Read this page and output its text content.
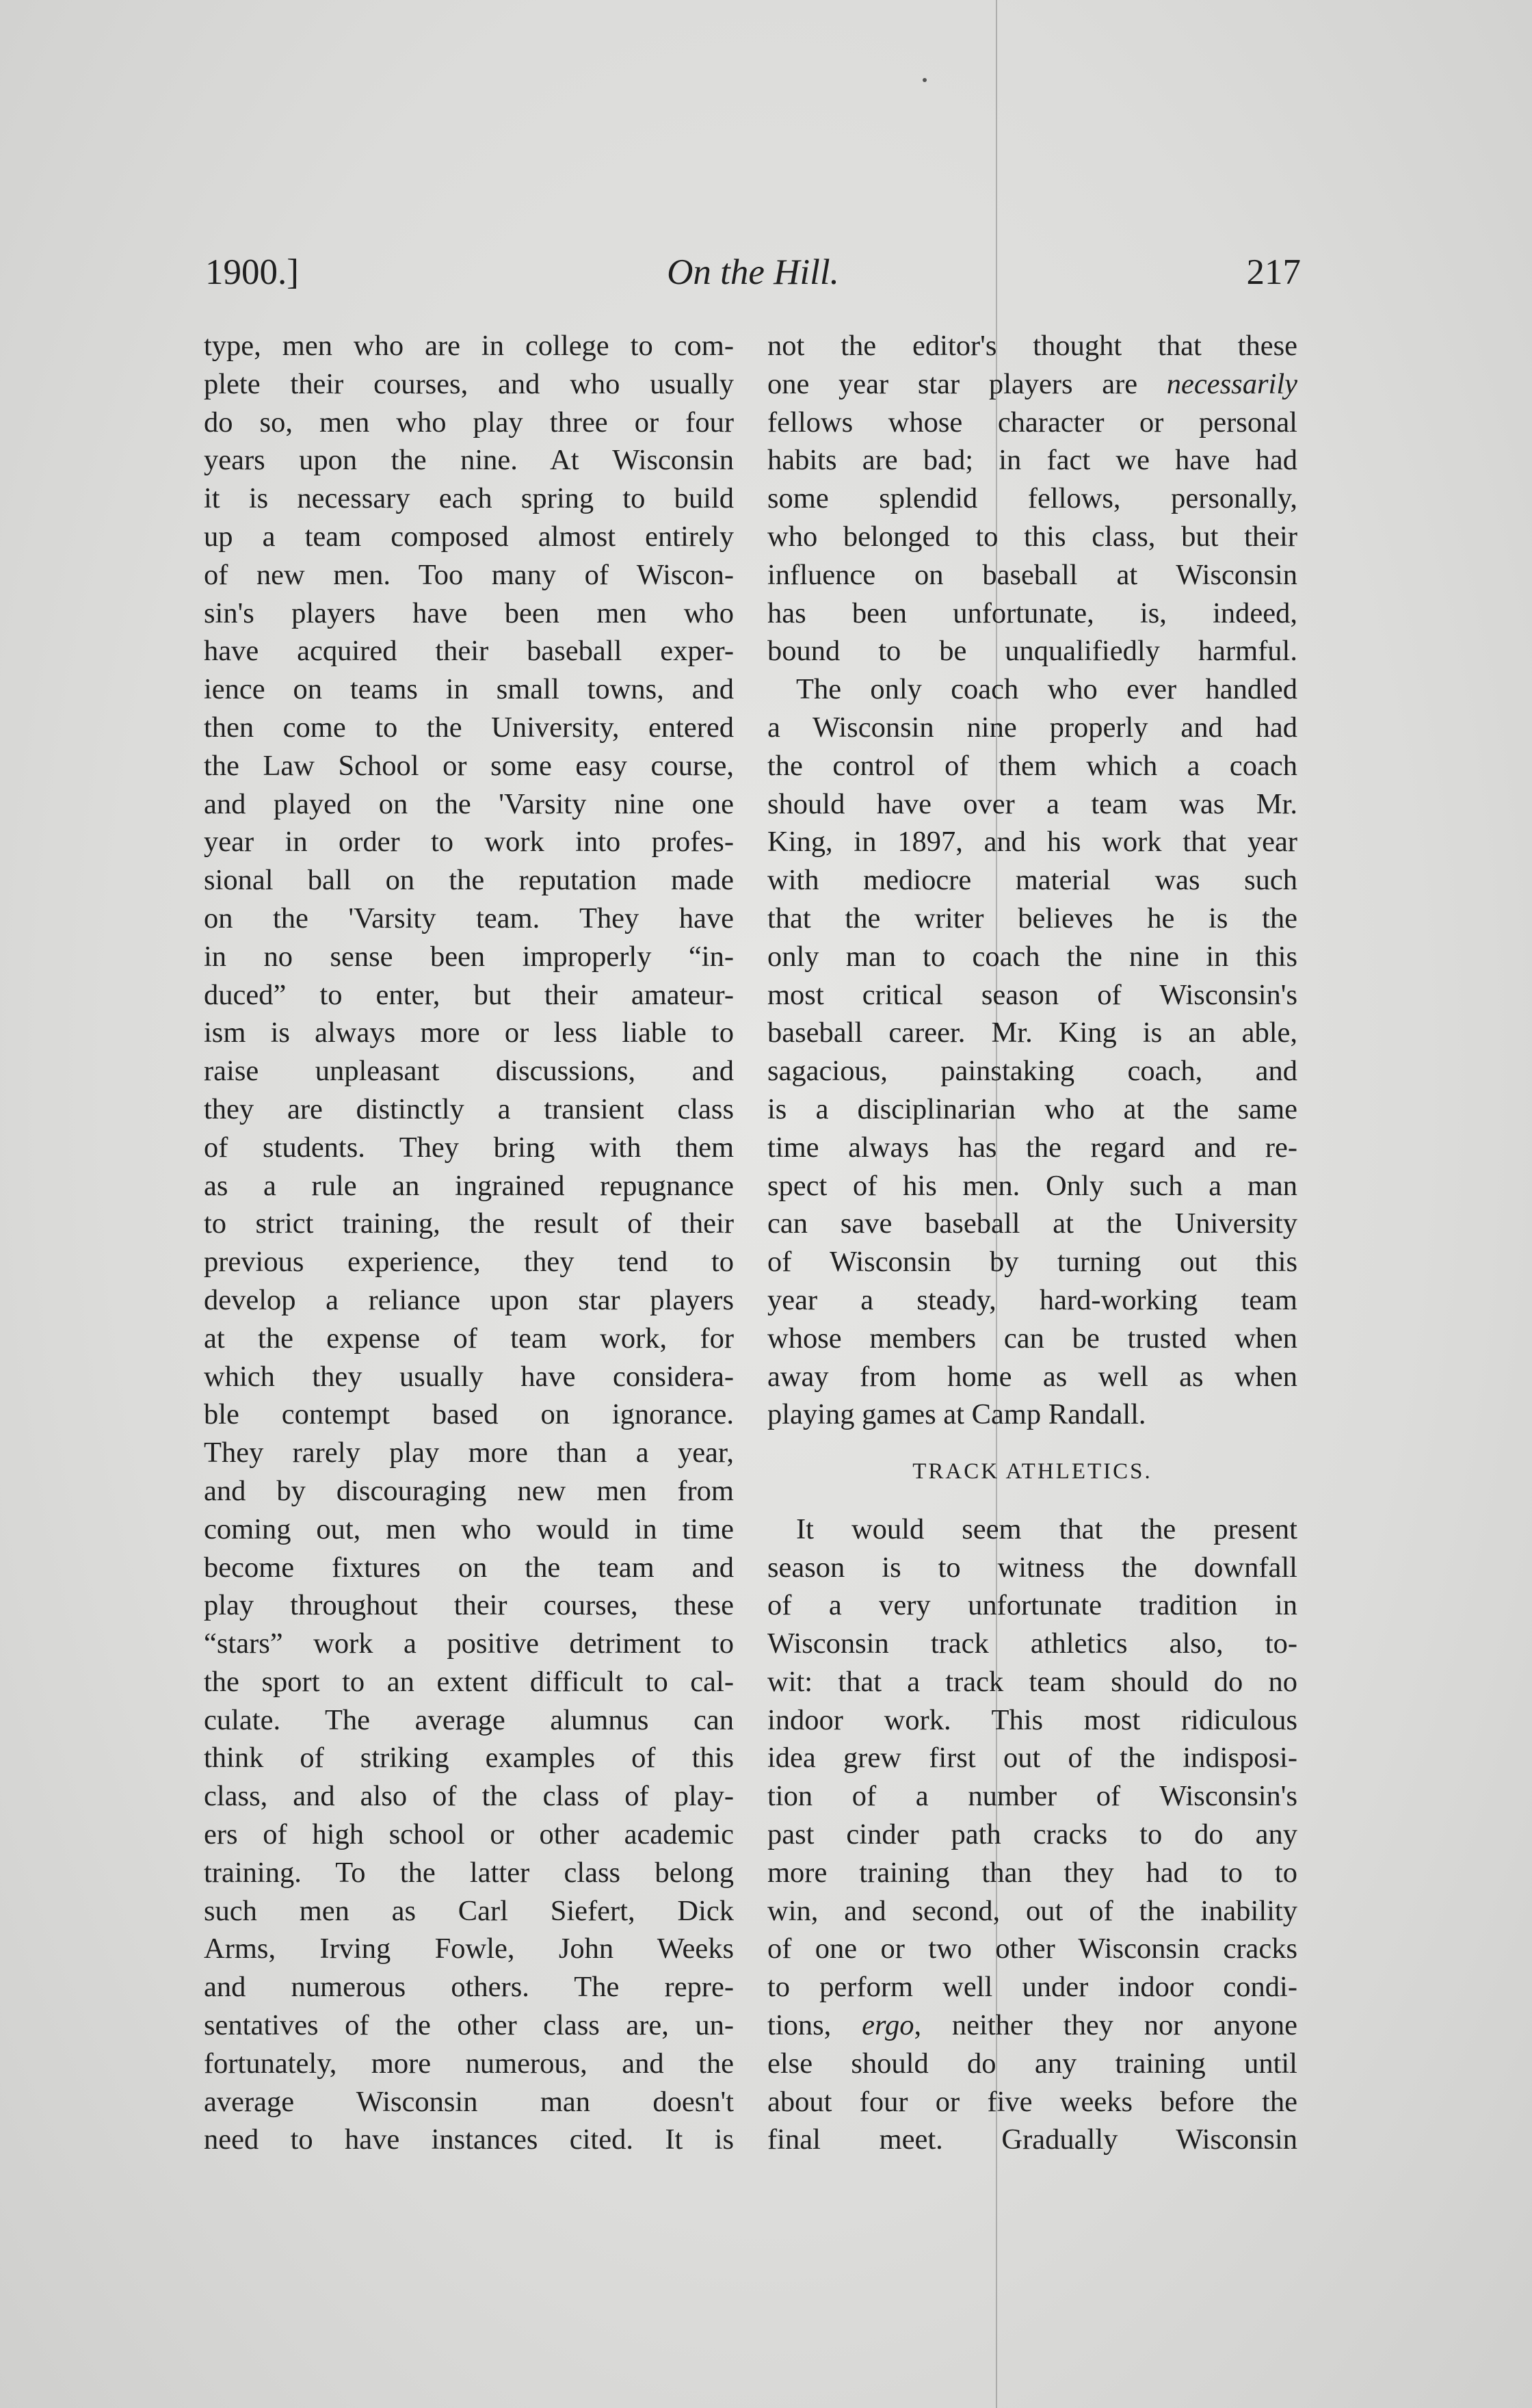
1900.]	On the Hill.	217
type, men who are in college to com-
plete their courses, and who usually
do so, men who play three or four
years upon the nine. At Wisconsin
it is necessary each spring to build
up a team composed almost entirely
of new men. Too many of Wiscon-
sin's players have been men who
have acquired their baseball exper-
ience on teams in small towns, and
then come to the University, entered
the Law School or some easy course,
and played on the 'Varsity nine one
year in order to work into profes-
sional ball on the reputation made
on the 'Varsity team. They have
in no sense been improperly “in-
duced” to enter, but their amateur-
ism is always more or less liable to
raise unpleasant discussions, and
they are distinctly a transient class
of students. They bring with them
as a rule an ingrained repugnance
to strict training, the result of their
previous experience, they tend to
develop a reliance upon star players
at the expense of team work, for
which they usually have considera-
ble contempt based on ignorance.
They rarely play more than a year,
and by discouraging new men from
coming out, men who would in time
become fixtures on the team and
play throughout their courses, these
“stars” work a positive detriment to
the sport to an extent difficult to cal-
culate. The average alumnus can
think of striking examples of this
class, and also of the class of play-
ers of high school or other academic
training. To the latter class belong
such men as Carl Siefert, Dick
Arms, Irving Fowle, John Weeks
and numerous others. The repre-
sentatives of the other class are, un-
fortunately, more numerous, and the
average Wisconsin man doesn't
need to have instances cited. It is
not the editor's thought that these
one year star players are necessarily
fellows whose character or personal
habits are bad; in fact we have had
some splendid fellows, personally,
who belonged to this class, but their
influence on baseball at Wisconsin
has been unfortunate, is, indeed,
bound to be unqualifiedly harmful.
The only coach who ever handled
a Wisconsin nine properly and had
the control of them which a coach
should have over a team was Mr.
King, in 1897, and his work that year
with mediocre material was such
that the writer believes he is the
only man to coach the nine in this
most critical season of Wisconsin's
baseball career. Mr. King is an able,
sagacious, painstaking coach, and
is a disciplinarian who at the same
time always has the regard and re-
spect of his men. Only such a man
can save baseball at the University
of Wisconsin by turning out this
year a steady, hard-working team
whose members can be trusted when
away from home as well as when
playing games at Camp Randall.
TRACK ATHLETICS.
It would seem that the present
season is to witness the downfall
of a very unfortunate tradition in
Wisconsin track athletics also, to-
wit: that a track team should do no
indoor work. This most ridiculous
idea grew first out of the indisposi-
tion of a number of Wisconsin's
past cinder path cracks to do any
more training than they had to to
win, and second, out of the inability
of one or two other Wisconsin cracks
to perform well under indoor condi-
tions, ergo, neither they nor anyone
else should do any training until
about four or five weeks before the
final meet. Gradually Wisconsin
